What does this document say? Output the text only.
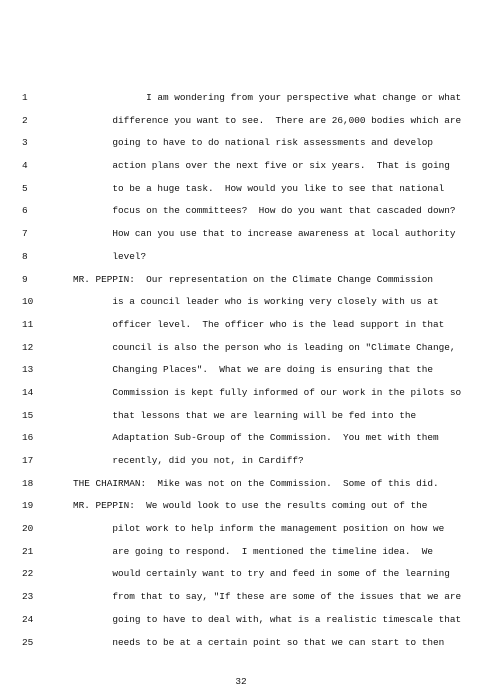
1	I am wondering from your perspective what change or what
2	difference you want to see.  There are 26,000 bodies which are
3	going to have to do national risk assessments and develop
4	action plans over the next five or six years.  That is going
5	to be a huge task.  How would you like to see that national
6	focus on the committees?  How do you want that cascaded down?
7	How can you use that to increase awareness at local authority
8	level?
9	MR. PEPPIN:  Our representation on the Climate Change Commission
10	is a council leader who is working very closely with us at
11	officer level.  The officer who is the lead support in that
12	council is also the person who is leading on "Climate Change,
13	Changing Places".  What we are doing is ensuring that the
14	Commission is kept fully informed of our work in the pilots so
15	that lessons that we are learning will be fed into the
16	Adaptation Sub-Group of the Commission.  You met with them
17	recently, did you not, in Cardiff?
18	THE CHAIRMAN:  Mike was not on the Commission.  Some of this did.
19	MR. PEPPIN:  We would look to use the results coming out of the
20	pilot work to help inform the management position on how we
21	are going to respond.  I mentioned the timeline idea.  We
22	would certainly want to try and feed in some of the learning
23	from that to say, "If these are some of the issues that we are
24	going to have to deal with, what is a realistic timescale that
25	needs to be at a certain point so that we can start to then
32
